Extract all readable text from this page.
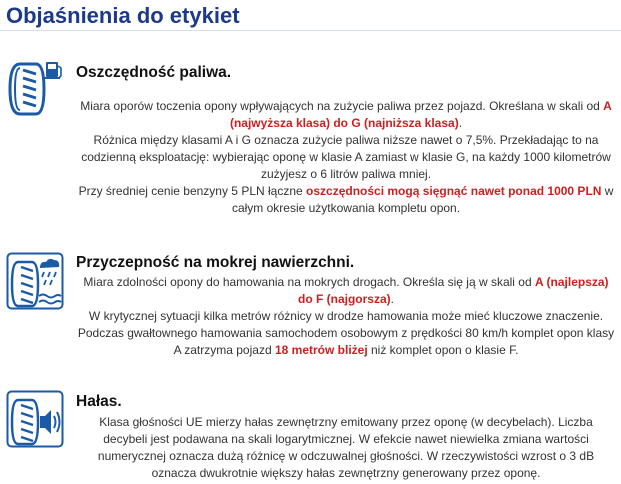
Objaśnienia do etykiet
Oszczędność paliwa.

Miara oporów toczenia opony wpływających na zużycie paliwa przez pojazd. Określana w skali od A (najwyższa klasa) do G (najniższa klasa).

Różnica między klasami A i G oznacza zużycie paliwa niższe nawet o 7,5%. Przekładając to na codzienną eksploatację: wybierając oponę w klasie A zamiast w klasie G, na każdy 1000 kilometrów zużyjesz o 6 litrów paliwa mniej.

Przy średniej cenie benzyny 5 PLN łączne oszczędności mogą sięgnąć nawet ponad 1000 PLN w całym okresie użytkowania kompletu opon.

Przyczepność na mokrej nawierzchni.

Miara zdolności opony do hamowania na mokrych drogach. Określa się ją w skali od A (najlepsza) do F (najgorsza).

W krytycznej sytuacji kilka metrów różnicy w drodze hamowania może mieć kluczowe znaczenie. Podczas gwałtownego hamowania samochodem osobowym z prędkości 80 km/h komplet opon klasy A zatrzyma pojazd 18 metrów bliżej niż komplet opon o klasie F.

Hałas.

Klasa głośności UE mierzy hałas zewnętrzny emitowany przez oponę (w decybelach). Liczba decybeli jest podawana na skali logarytmicznej. W efekcie nawet niewielka zmiana wartości numerycznej oznacza dużą różnicę w odczuwalnej głośności. W rzeczywistości wzrost o 3 dB oznacza dwukrotnie większy hałas zewnętrzny generowany przez oponę.
